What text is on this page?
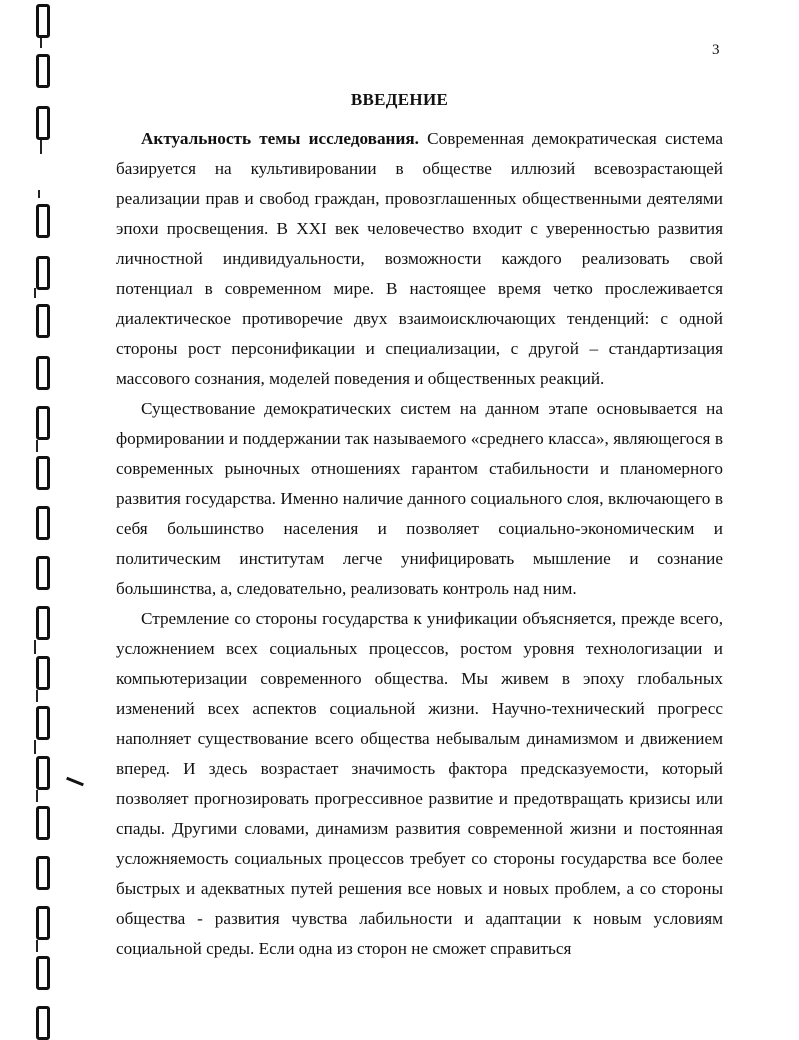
3
ВВЕДЕНИЕ

Актуальность темы исследования. Современная демократическая система базируется на культивировании в обществе иллюзий всевозрастающей реализации прав и свобод граждан, провозглашенных общественными деятелями эпохи просвещения. В XXI век человечество входит с уверенностью развития личностной индивидуальности, возможности каждого реализовать свой потенциал в современном мире. В настоящее время четко прослеживается диалектическое противоречие двух взаимоисключающих тенденций: с одной стороны рост персонификации и специализации, с другой – стандартизация массового сознания, моделей поведения и общественных реакций.

Существование демократических систем на данном этапе основывается на формировании и поддержании так называемого «среднего класса», являющегося в современных рыночных отношениях гарантом стабильности и планомерного развития государства. Именно наличие данного социального слоя, включающего в себя большинство населения и позволяет социально-экономическим и политическим институтам легче унифицировать мышление и сознание большинства, а, следовательно, реализовать контроль над ним.

Стремление со стороны государства к унификации объясняется, прежде всего, усложнением всех социальных процессов, ростом уровня технологизации и компьютеризации современного общества. Мы живем в эпоху глобальных изменений всех аспектов социальной жизни. Научно-технический прогресс наполняет существование всего общества небывалым динамизмом и движением вперед. И здесь возрастает значимость фактора предсказуемости, который позволяет прогнозировать прогрессивное развитие и предотвращать кризисы или спады. Другими словами, динамизм развития современной жизни и постоянная усложняемость социальных процессов требует со стороны государства все более быстрых и адекватных путей решения все новых и новых проблем, а со стороны общества - развития чувства лабильности и адаптации к новым условиям социальной среды. Если одна из сторон не сможет справиться
